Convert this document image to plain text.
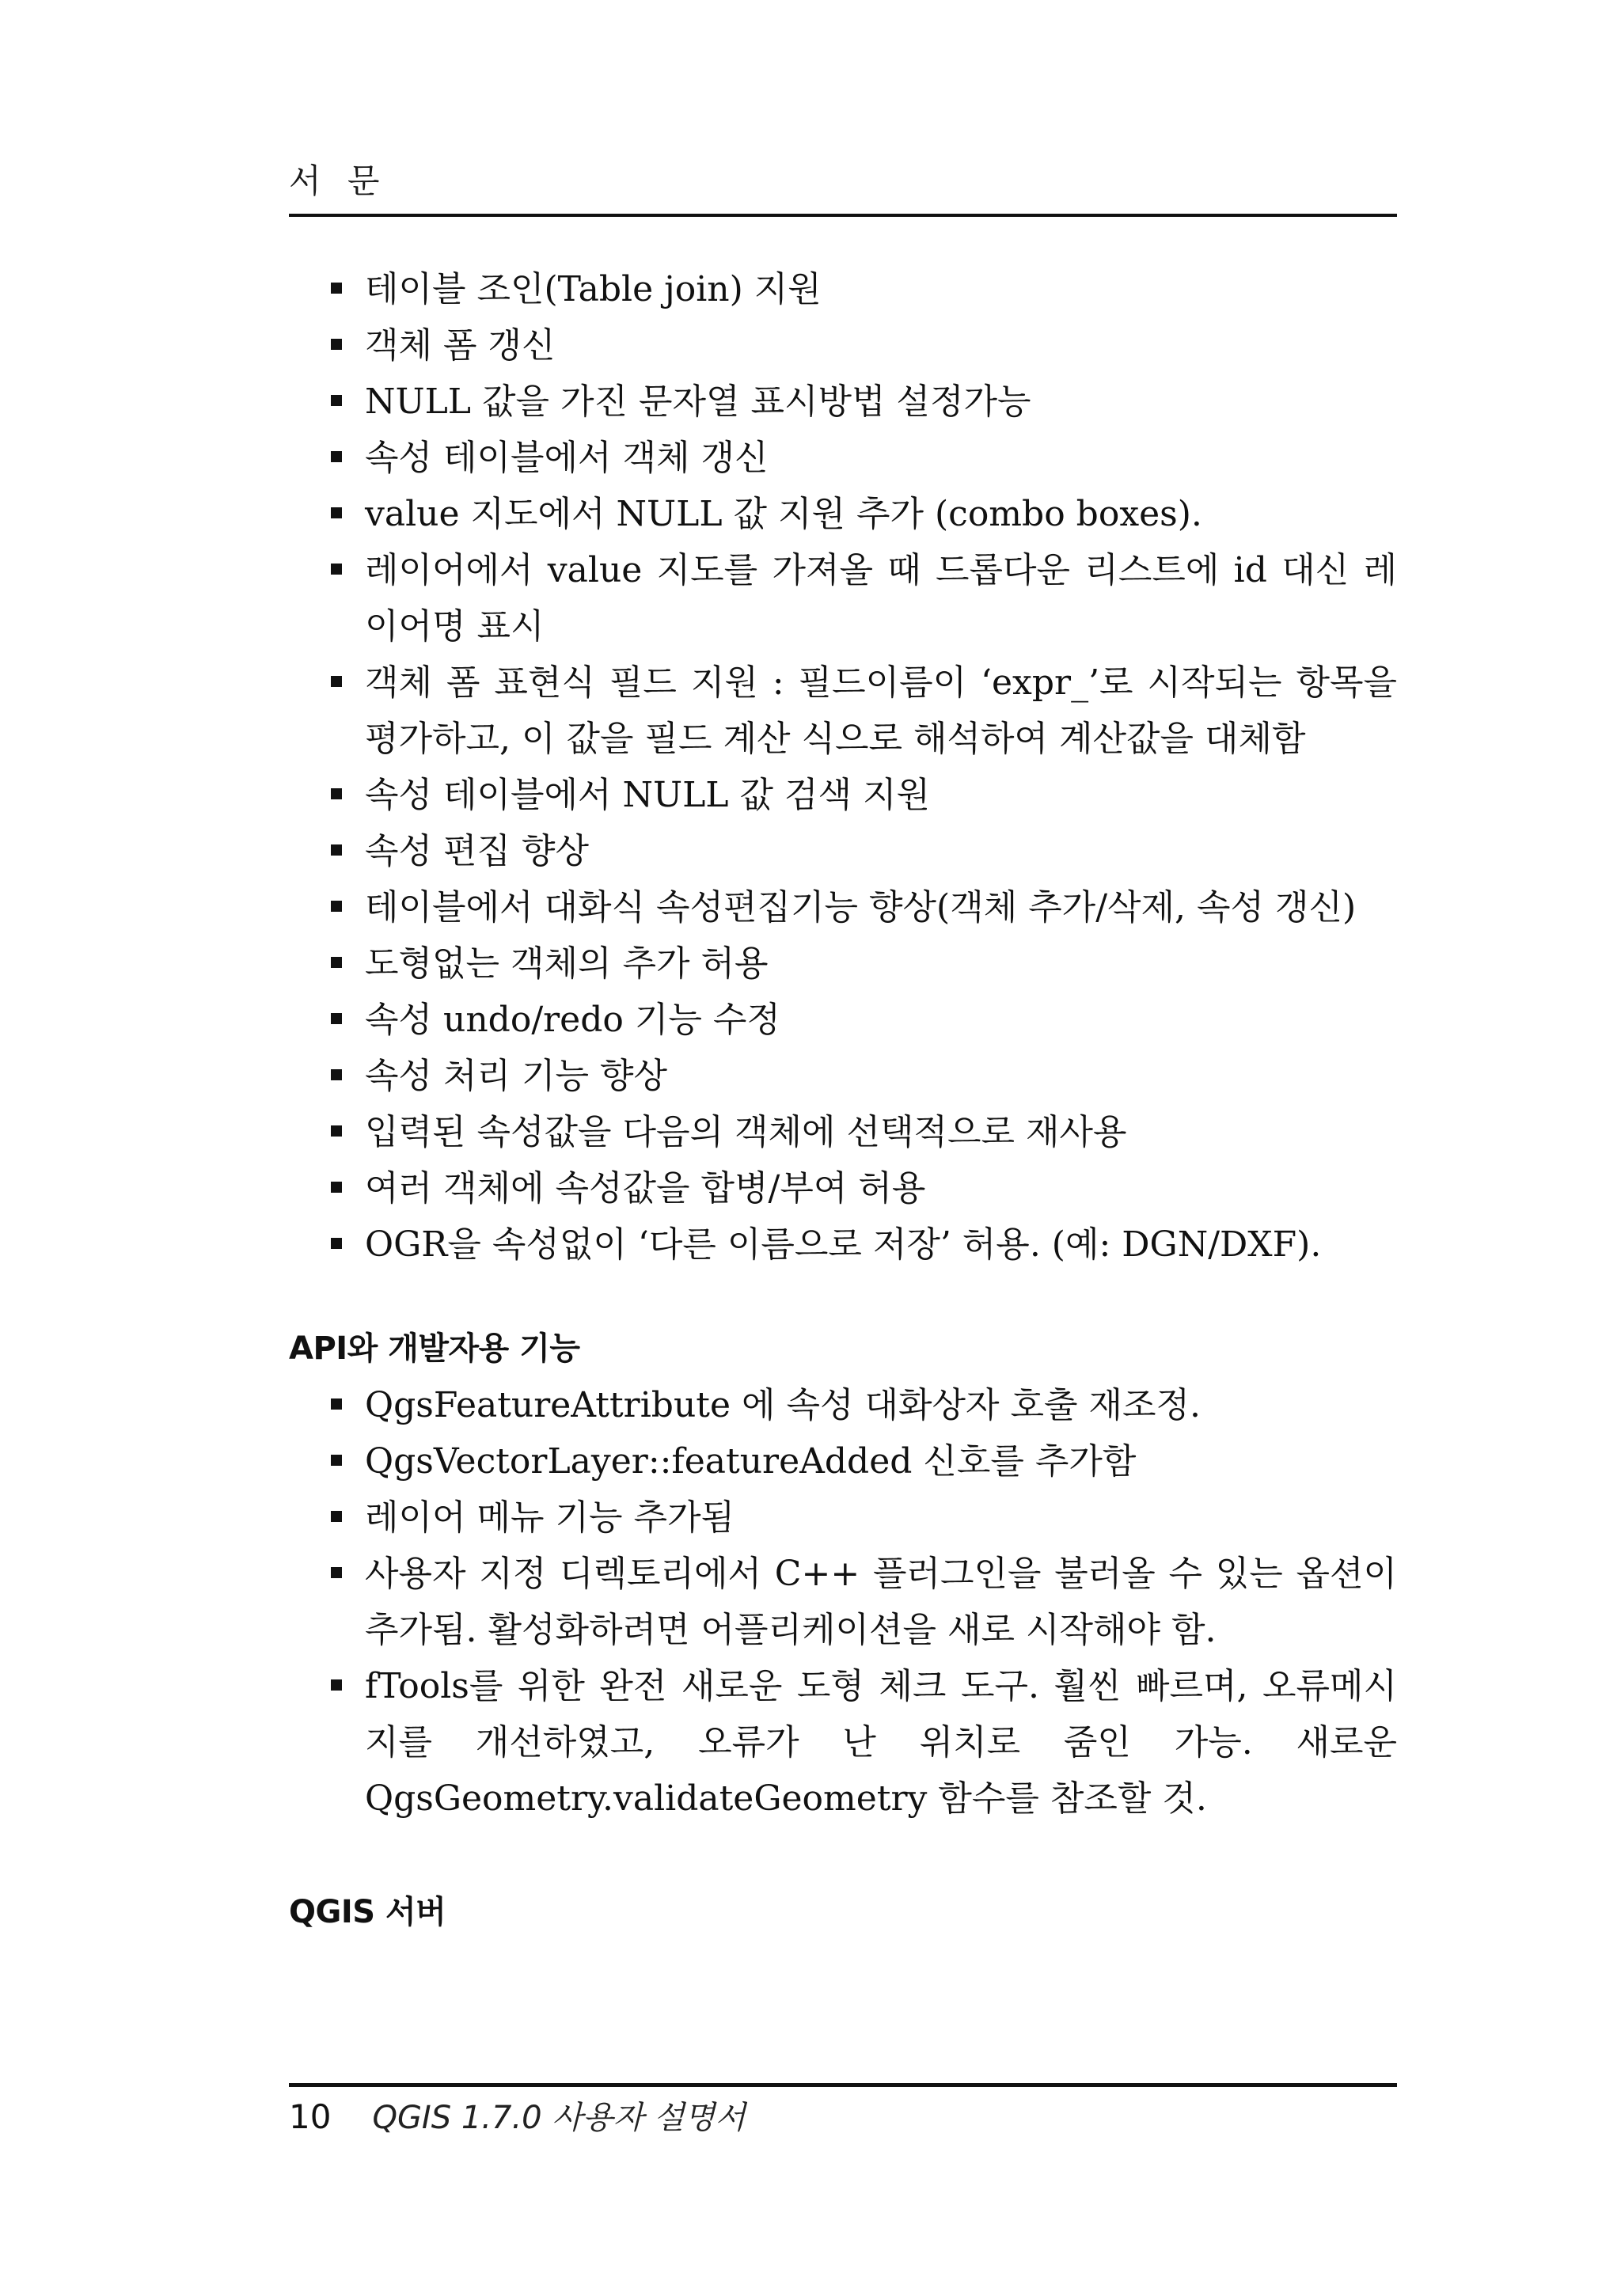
서 문
테이블 조인(Table join) 지원
객체 폼 갱신
NULL 값을 가진 문자열 표시방법 설정가능
속성 테이블에서 객체 갱신
value 지도에서 NULL 값 지원 추가 (combo boxes).
레이어에서 value 지도를 가져올 때 드롭다운 리스트에 id 대신 레이어명 표시
객체 폼 표현식 필드 지원 : 필드이름이 ‘expr_’로 시작되는 항목을 평가하고, 이 값을 필드 계산 식으로 해석하여 계산값을 대체함
속성 테이블에서 NULL 값 검색 지원
속성 편집 향상
테이블에서 대화식 속성편집기능 향상(객체 추가/삭제, 속성 갱신)
도형없는 객체의 추가 허용
속성 undo/redo 기능 수정
속성 처리 기능 향상
입력된 속성값을 다음의 객체에 선택적으로 재사용
여러 객체에 속성값을 합병/부여 허용
OGR을 속성없이 ‘다른 이름으로 저장’ 허용. (예: DGN/DXF).
API와 개발자용 기능
QgsFeatureAttribute 에 속성 대화상자 호출 재조정.
QgsVectorLayer::featureAdded 신호를 추가함
레이어 메뉴 기능 추가됨
사용자 지정 디렉토리에서 C++ 플러그인을 불러올 수 있는 옵션이 추가됨. 활성화하려면 어플리케이션을 새로 시작해야 함.
fTools를 위한 완전 새로운 도형 체크 도구. 훨씬 빠르며, 오류메시지를 개선하였고, 오류가 난 위치로 줌인 가능. 새로운 QgsGeometry.validateGeometry 함수를 참조할 것.
QGIS 서버
10 QGIS 1.7.0 사용자 설명서
